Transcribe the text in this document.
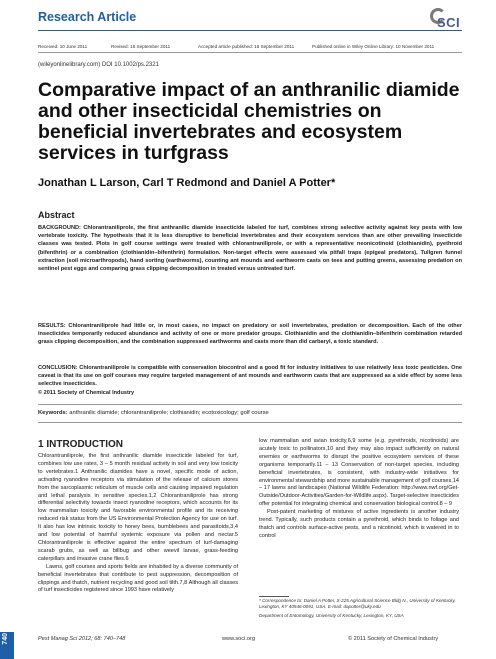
Research Article	SCI
Received: 10 June 2011	Revised: 15 September 2011	Accepted article published: 16 September 2011	Published online in Wiley Online Library: 10 November 2011
(wileyonlinelibrary.com) DOI 10.1002/ps.2321
Comparative impact of an anthranilic diamide and other insecticidal chemistries on beneficial invertebrates and ecosystem services in turfgrass
Jonathan L Larson, Carl T Redmond and Daniel A Potter*
Abstract

BACKGROUND: Chlorantraniliprole, the first anthranilic diamide insecticide labeled for turf, combines strong selective activity against key pests with low vertebrate toxicity. The hypothesis that it is less disruptive to beneficial invertebrates and their ecosystem services than are other prevailing insecticide classes was tested. Plots in golf course settings were treated with chlorantraniliprole, or with a representative neonicotinoid (clothianidin), pyethroid (bifenthrin) or a combination (clothianidin–bifenthrin) formulation. Non-target effects were assessed via pitfall traps (epigeal predators), Tullgren funnel extraction (soil microarthropods), hand sorting (earthworms), counting ant mounds and earthworm casts on tees and putting greens, assessing predation on sentinel pest eggs and comparing grass clipping decomposition in treated versus untreated turf.

RESULTS: Chlorantraniliprole had little or, in most cases, no impact on predatory or soil invertebrates, predation or decomposition. Each of the other insecticides temporarily reduced abundance and activity of one or more predator groups. Clothianidin and the clothianidin–bifenthrin combination retarded grass clipping decomposition, and the combination suppressed earthworms and casts more than did carbaryl, a toxic standard.

CONCLUSION: Chlorantraniliprole is compatible with conservation biocontrol and a good fit for industry initiatives to use relatively less toxic pesticides. One caveat is that its use on golf courses may require targeted management of ant mounds and earthworm casts that are suppressed as a side effect by some less selective insecticides.

© 2011 Society of Chemical Industry

Keywords: anthranilic diamide; chlorantraniliprole; clothianidin; ecotoxicology; golf course
1 INTRODUCTION

Chlorantraniliprole, the first anthranilic diamide insecticide labeled for turf, combines low use rates, 3 – 5 month residual activity in soil and very low toxicity to vertebrates.1 Anthranilic diamides have a novel, specific mode of action, activating ryanodine receptors via stimulation of the release of calcium stores from the sarcoplasmic reticulum of muscle cells and causing impaired regulation and lethal paralysis in sensitive species.1,2 Chlorantraniliprole has strong differential selectivity towards insect ryanodine receptors, which accounts for its low mammalian toxicity and favorable environmental profile and its receiving reduced risk status from the US Environmental Protection Agency for use on turf. It also has low intrinsic toxicity to honey bees, bumblebees and parasitoids,3,4 and low potential of harmful systemic exposure via pollen and nectar.5 Chlorantraniliprole is effective against the entire spectrum of turf-damaging scarab grubs, as well as billbug and other weevil larvae, grass-feeding caterpillars and invasive crane flies.6

Lawns, golf courses and sports fields are inhabited by a diverse community of beneficial invertebrates that contribute to pest suppression, decomposition of clippings and thatch, nutrient recycling and good soil tilth.7,8 Although all classes of turf insecticides registered since 1993 have relatively

low mammalian and avian toxicity,6,9 some (e.g. pyrethroids, nicotinoids) are acutely toxic to pollinators,10 and they may also impact sufficiently on natural enemies or earthworms to disrupt the positive ecosystem services of these organisms temporarily.11 – 13 Conservation of non-target species, including beneficial invertebrates, is consistent, with industry-wide initiatives for environmental stewardship and more sustainable management of golf courses,14 – 17 lawns and landscapes (National Wildlife Federation: http://www.nwf.org/Get-Outside/Outdoor-Activities/Garden-for-Wildlife.aspx). Target-selective insecticides offer potential for integrating chemical and conservation biological control.8 – 9

Post-patent marketing of mixtures of active ingredients is another industry trend. Typically, such products contain a pyrethroid, which binds to foliage and thatch and controls surface-active pests, and a nicotinoid, which is watered in to control

* Correspondence to: Daniel A Potter, S-225 Agricultural Science Bldg N., University of Kentucky, Lexington, KY 40546-0091, USA. E-mail: dapotter@uky.edu

Department of Entomology, University of Kentucky, Lexington, KY, USA

740	Pest Manag Sci 2012; 68: 740–748	www.soci.org	© 2011 Society of Chemical Industry
